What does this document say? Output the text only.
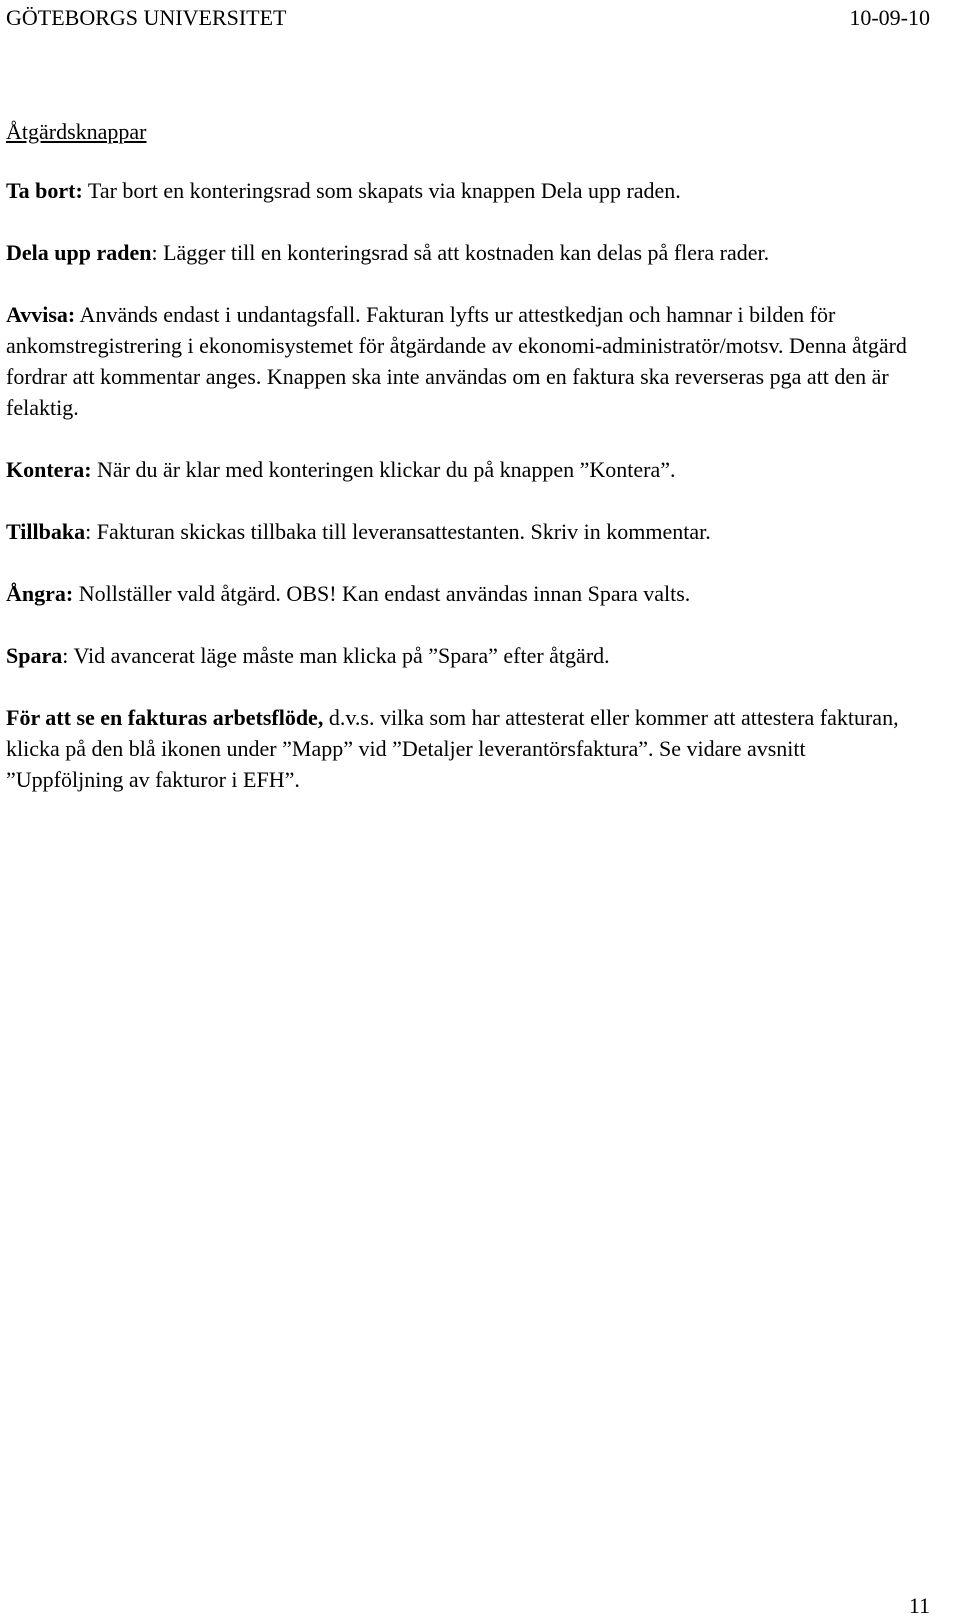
GÖTEBORGS UNIVERSITET	10-09-10
Åtgärdsknappar

Ta bort: Tar bort en konteringsrad som skapats via knappen Dela upp raden.

Dela upp raden: Lägger till en konteringsrad så att kostnaden kan delas på flera rader.

Avvisa: Används endast i undantagsfall. Fakturan lyfts ur attestkedjan och hamnar i bilden för ankomstregistrering i ekonomisystemet för åtgärdande av ekonomi-administratör/motsv. Denna åtgärd fordrar att kommentar anges. Knappen ska inte användas om en faktura ska reverseras pga att den är felaktig.

Kontera: När du är klar med konteringen klickar du på knappen ”Kontera”.

Tillbaka: Fakturan skickas tillbaka till leveransattestanten. Skriv in kommentar.

Ångra: Nollställer vald åtgärd. OBS! Kan endast användas innan Spara valts.

Spara: Vid avancerat läge måste man klicka på ”Spara” efter åtgärd.

För att se en fakturas arbetsflöde, d.v.s. vilka som har attesterat eller kommer att attestera fakturan, klicka på den blå ikonen under ”Mapp” vid ”Detaljer leverantörsfaktura”. Se vidare avsnitt ”Uppföljning av fakturor i EFH”.

11
